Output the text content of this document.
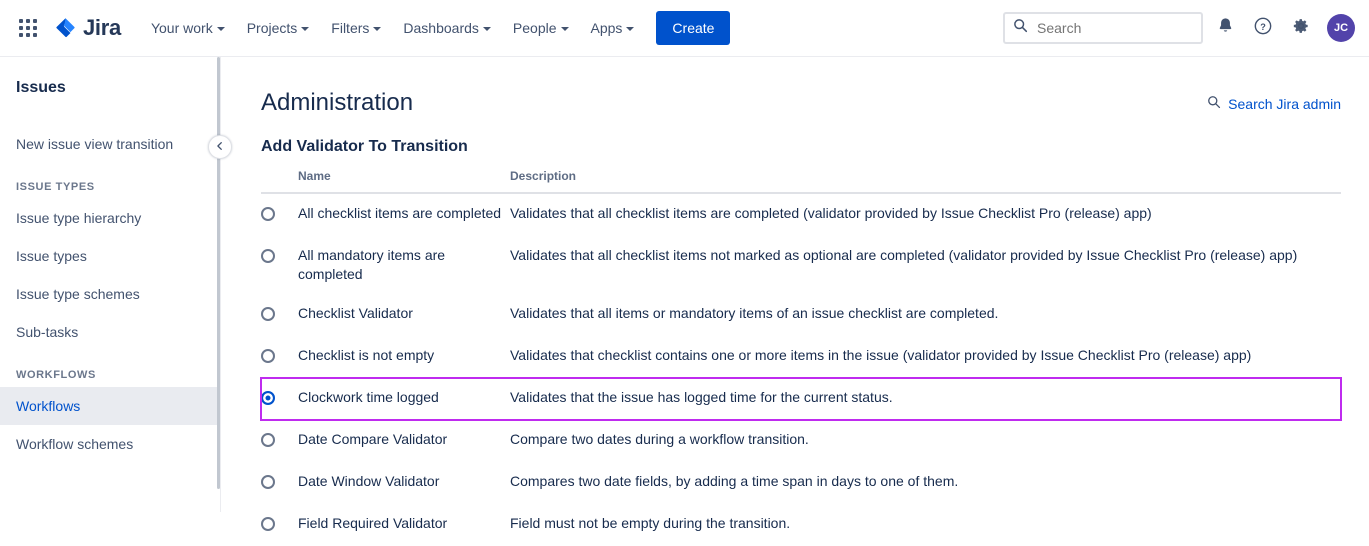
Jira Your work Projects Filters Dashboards People Apps	Create
Search	?	JC
Issues
New issue view transition
ISSUE TYPES
Issue type hierarchy
Issue types
Issue type schemes
Sub-tasks
WORKFLOWS
Workflows
Workflow schemes
Administration	Search Jira admin
Add Validator To Transition
	Name	Description
	All checklist items are completed	Validates that all checklist items are completed (validator provided by Issue Checklist Pro (release) app)
	All mandatory items are completed	Validates that all checklist items not marked as optional are completed (validator provided by Issue Checklist Pro (release) app)
	Checklist Validator	Validates that all items or mandatory items of an issue checklist are completed.
	Checklist is not empty	Validates that checklist contains one or more items in the issue (validator provided by Issue Checklist Pro (release) app)
	Clockwork time logged	Validates that the issue has logged time for the current status.
	Date Compare Validator	Compare two dates during a workflow transition.
	Date Window Validator	Compares two date fields, by adding a time span in days to one of them.
	Field Required Validator	Field must not be empty during the transition.
